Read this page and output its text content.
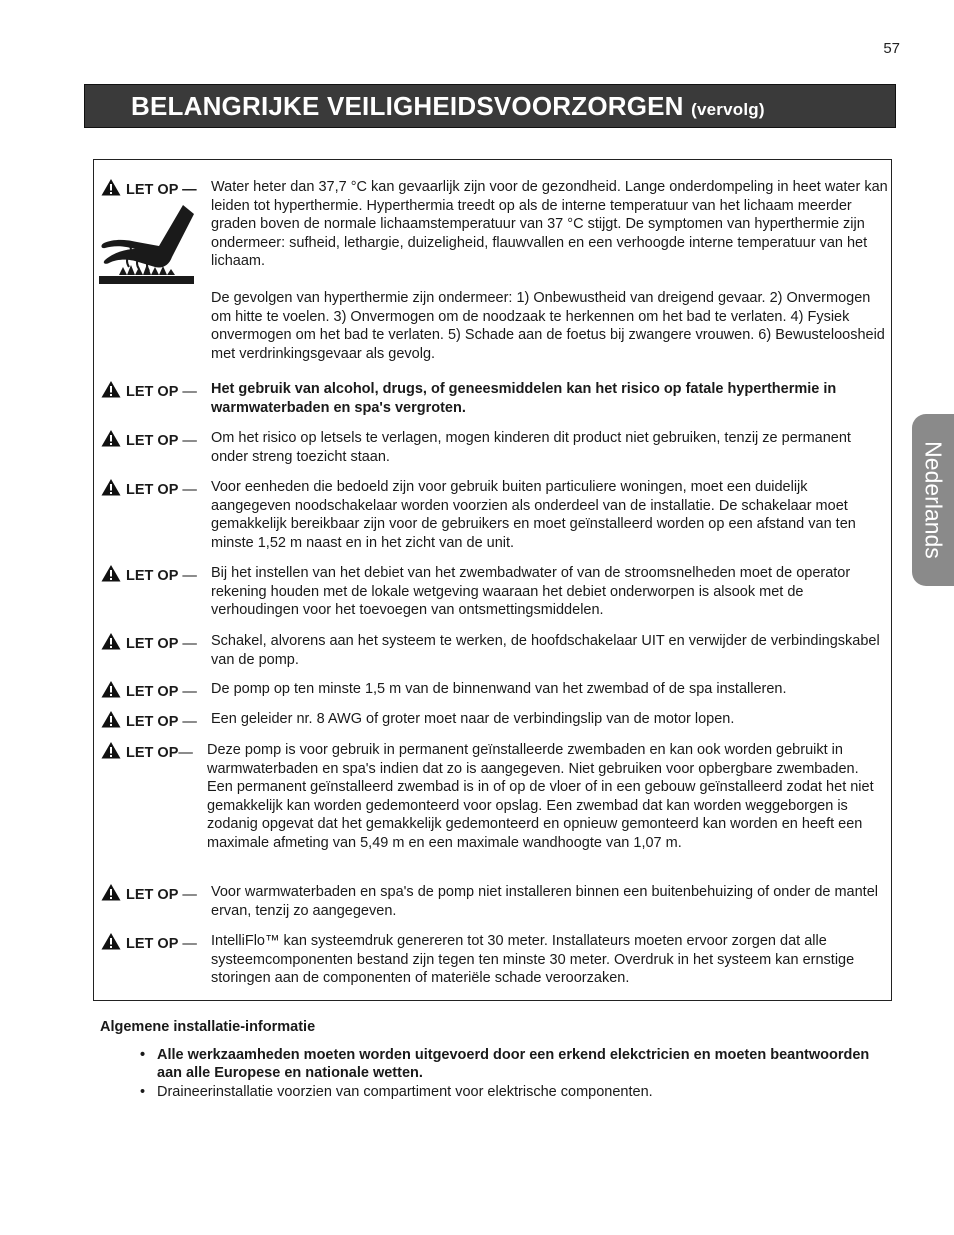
57
BELANGRIJKE VEILIGHEIDSVOORZORGEN (vervolg)
Nederlands
LET OP — Water heter dan 37,7 °C kan gevaarlijk zijn voor de gezondheid. Lange onderdompeling in heet water kan leiden tot hyperthermie. Hyperthermia treedt op als de interne temperatuur van het lichaam meerder graden boven de normale lichaamstemperatuur van 37 °C stijgt. De symptomen van hyperthermie zijn ondermeer: sufheid, lethargie, duizeligheid, flauwvallen en een verhoogde interne temperatuur van het lichaam.

De gevolgen van hyperthermie zijn ondermeer: 1) Onbewustheid van dreigend gevaar. 2) Onvermogen om hitte te voelen. 3) Onvermogen om de noodzaak te herkennen om het bad te verlaten. 4) Fysiek onvermogen om het bad te verlaten. 5) Schade aan de foetus bij zwangere vrouwen. 6) Bewusteloosheid met verdrinkingsgevaar als gevolg.

LET OP — Het gebruik van alcohol, drugs, of geneesmiddelen kan het risico op fatale hyperthermie in warmwaterbaden en spa's vergroten.
LET OP — Om het risico op letsels te verlagen, mogen kinderen dit product niet gebruiken, tenzij ze permanent onder streng toezicht staan.
LET OP — Voor eenheden die bedoeld zijn voor gebruik buiten particuliere woningen, moet een duidelijk aangegeven noodschakelaar worden voorzien als onderdeel van de installatie. De schakelaar moet gemakkelijk bereikbaar zijn voor de gebruikers en moet geïnstalleerd worden op een afstand van ten minste 1,52 m naast en in het zicht van de unit.
LET OP — Bij het instellen van het debiet van het zwembadwater of van de stroomsnelheden moet de operator rekening houden met de lokale wetgeving waaraan het debiet onderworpen is alsook met de verhoudingen voor het toevoegen van ontsmettingsmiddelen.
LET OP — Schakel, alvorens aan het systeem te werken, de hoofdschakelaar UIT en verwijder de verbindingskabel van de pomp.
LET OP — De pomp op ten minste 1,5 m van de binnenwand van het zwembad of de spa installeren.
LET OP — Een geleider nr. 8 AWG of groter moet naar de verbindingslip van de motor lopen.
LET OP— Deze pomp is voor gebruik in permanent geïnstalleerde zwembaden en kan ook worden gebruikt in warmwaterbaden en spa's indien dat zo is aangegeven. Niet gebruiken voor opbergbare zwembaden. Een permanent geïnstalleerd zwembad is in of op de vloer of in een gebouw geïnstalleerd zodat het niet gemakkelijk kan worden gedemonteerd voor opslag. Een zwembad dat kan worden weggeborgen is zodanig opgevat dat het gemakkelijk gedemonteerd en opnieuw gemonteerd kan worden en heeft een maximale afmeting van 5,49 m en een maximale wandhoogte van 1,07 m.
LET OP — Voor warmwaterbaden en spa's de pomp niet installeren binnen een buitenbehuizing of onder de mantel ervan, tenzij zo aangegeven.
LET OP — IntelliFlo™ kan systeemdruk genereren tot 30 meter. Installateurs moeten ervoor zorgen dat alle systeemcomponenten bestand zijn tegen ten minste 30 meter. Overdruk in het systeem kan ernstige storingen aan de componenten of materiële schade veroorzaken.
Algemene installatie-informatie
• Alle werkzaamheden moeten worden uitgevoerd door een erkend elekctricien en moeten beantwoorden aan alle Europese en nationale wetten.
• Draineerinstallatie voorzien van compartiment voor elektrische componenten.
